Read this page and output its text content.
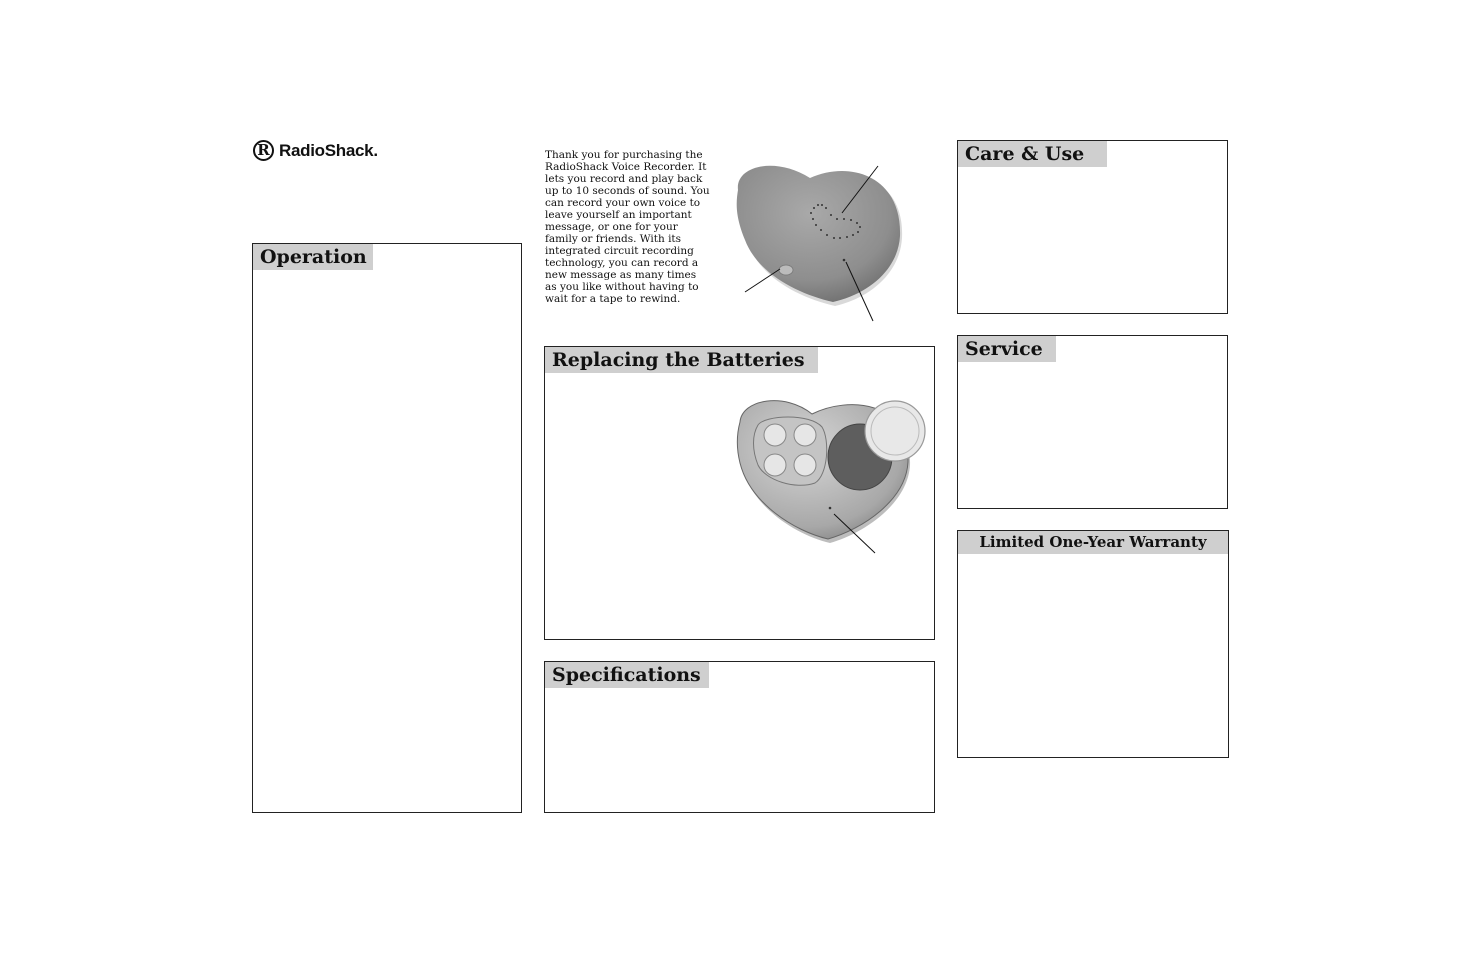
R RadioShack.	Thank you for purchasing the RadioShack Voice Recorder. It lets you record and play back up to 10 seconds of sound. You can record your own voice to leave yourself an important message, or one for your family or friends. With its integrated circuit recording technology, you can record a new message as many times as you like without having to wait for a tape to rewind.
Operation
Replacing the Batteries
Specifications
Care & Use
Service
Limited One-Year Warranty
